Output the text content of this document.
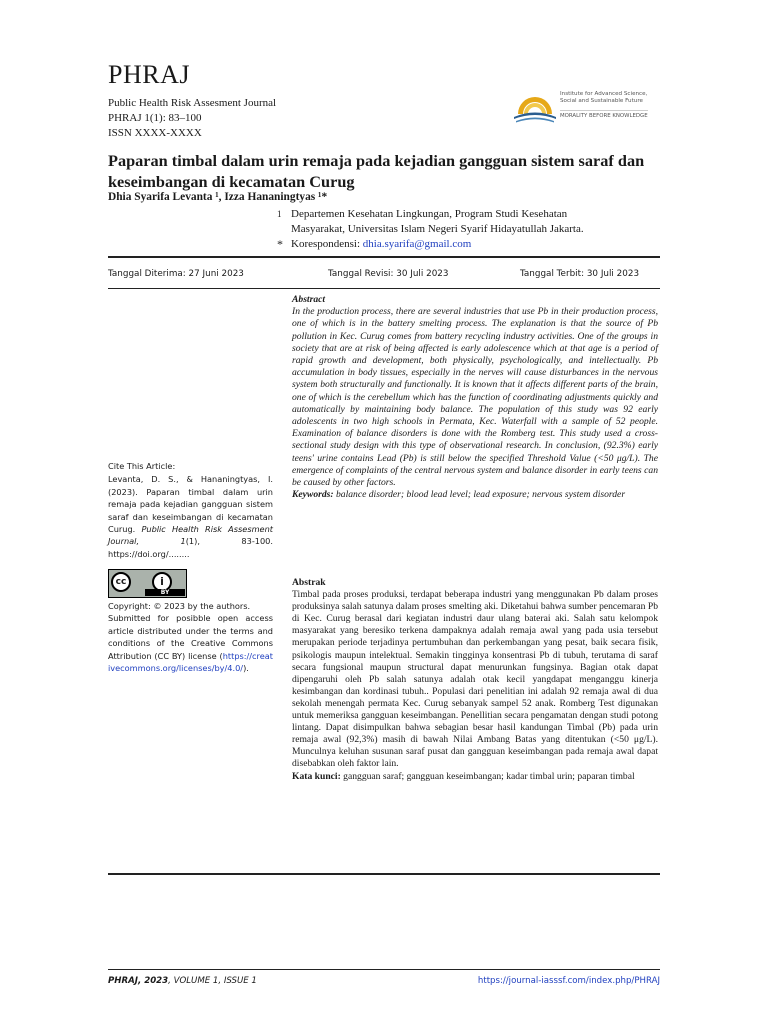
PHRAJ
Public Health Risk Assesment Journal
PHRAJ 1(1): 83–100
ISSN XXXX-XXXX
Institute for Advanced Science,
Social and Sustainable Future
MORALITY BEFORE KNOWLEDGE
Paparan timbal dalam urin remaja pada kejadian gangguan sistem saraf dan keseimbangan di kecamatan Curug
Dhia Syarifa Levanta ¹, Izza Hananingtyas ¹*
1 Departemen Kesehatan Lingkungan, Program Studi Kesehatan
Masyarakat, Universitas Islam Negeri Syarif Hidayatullah Jakarta.
* Korespondensi: dhia.syarifa@gmail.com
Tanggal Diterima: 27 Juni 2023	Tanggal Revisi: 30 Juli 2023	Tanggal Terbit: 30 Juli 2023
Cite This Article:
Levanta, D. S., & Hananingtyas, I. (2023). Paparan timbal dalam urin remaja pada kejadian gangguan sistem saraf dan keseimbangan di kecamatan Curug. Public Health Risk Assesment Journal, 1(1), 83-100. https://doi.org/........
cc	i
BY
Copyright: © 2023 by the authors.
Submitted for posibble open access article distributed under the terms and conditions of the Creative Commons Attribution (CC BY) license (https://creativecommons.org/licenses/by/4.0/).
Abstract
In the production process, there are several industries that use Pb in their production process, one of which is in the battery smelting process. The explanation is that the source of Pb pollution in Kec. Curug comes from battery recycling industry activities. One of the groups in society that are at risk of being affected is early adolescence which at that age is a period of rapid growth and development, both physically, psychologically, and intellectually. Pb accumulation in body tissues, especially in the nerves will cause disturbances in the nervous system both structurally and functionally. It is known that it affects different parts of the brain, one of which is the cerebellum which has the function of coordinating adjustments quickly and automatically by maintaining body balance. The population of this study was 92 early adolescents in two high schools in Permata, Kec. Waterfall with a sample of 52 people. Examination of balance disorders is done with the Romberg test. This study used a cross-sectional study design with this type of observational research. In conclusion, (92.3%) early teens' urine contains Lead (Pb) is still below the specified Threshold Value (<50 μg/L). The emergence of complaints of the central nervous system and balance disorder in early teens can be caused by other factors.
Keywords: balance disorder; blood lead level; lead exposure; nervous system disorder
Abstrak
Timbal pada proses produksi, terdapat beberapa industri yang menggunakan Pb dalam proses produksinya salah satunya dalam proses smelting aki. Diketahui bahwa sumber pencemaran Pb di Kec. Curug berasal dari kegiatan industri daur ulang baterai aki. Salah satu kelompok masyarakat yang beresiko terkena dampaknya adalah remaja awal yang pada usia tersebut merupakan periode terjadinya pertumbuhan dan perkembangan yang pesat, baik secara fisik, psikologis maupun intelektual. Semakin tingginya konsentrasi Pb di tubuh, terutama di saraf secara fungsional maupun structural dapat menurunkan fungsinya. Bagian otak dapat dipengaruhi oleh Pb salah satunya adalah otak kecil yangdapat menganggu kinerja kesimbangan dan kordinasi tubuh.. Populasi dari penelitian ini adalah 92 remaja awal di dua sekolah menengah permata Kec. Curug sebanyak sampel 52 anak. Romberg Test digunakan untuk memeriksa gangguan keseimbangan. Penellitian secara pengamatan dengan studi potong lintang. Dapat disimpulkan bahwa sebagian besar hasil kandungan Timbal (Pb) pada urin remaja awal (92,3%) masih di bawah Nilai Ambang Batas yang ditentukan (<50 μg/L). Munculnya keluhan susunan saraf pusat dan gangguan keseimbangan pada remaja awal dapat disebabkan oleh faktor lain.
Kata kunci: gangguan saraf; gangguan keseimbangan; kadar timbal urin; paparan timbal
PHRAJ, 2023, VOLUME 1, ISSUE 1	https://journal-iasssf.com/index.php/PHRAJ
